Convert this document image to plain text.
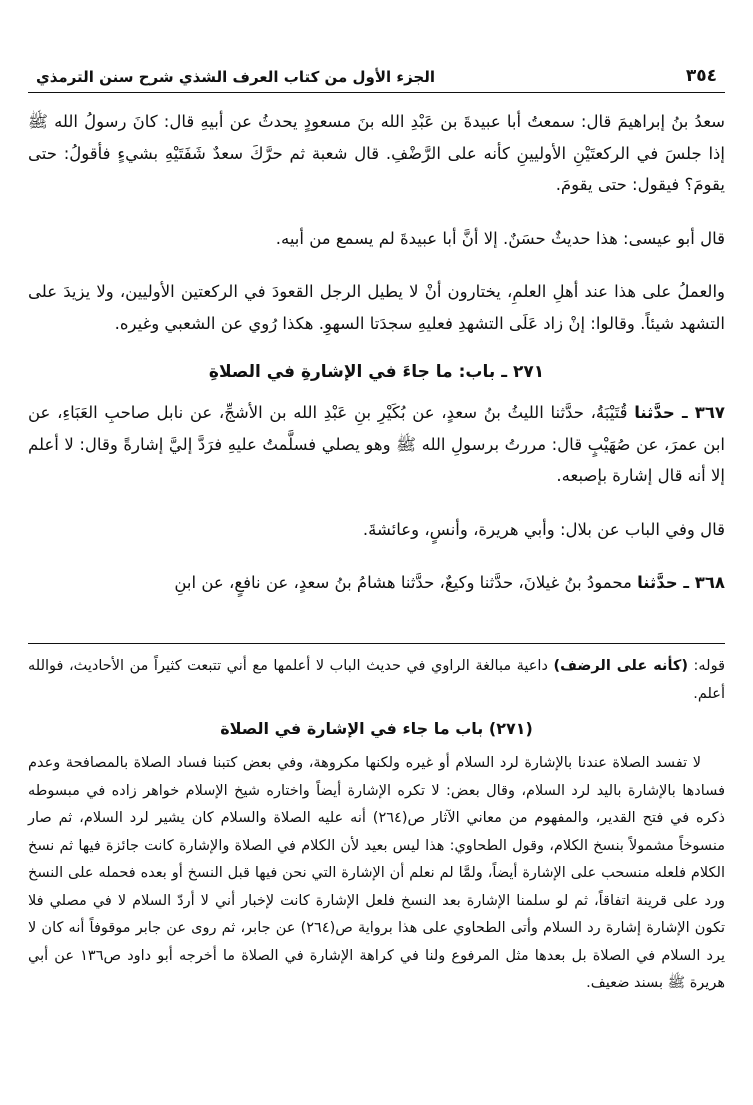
٣٥٤
الجزء الأول من كتاب العرف الشذي شرح سنن الترمذي

سعدُ بنُ إبراهيمَ قال: سمعتُ أبا عبيدةَ بن عَبْدِ الله بنَ مسعودٍ يحدثُ عن أبيهِ قال: كانَ رسولُ الله ﷺ إذا جلسَ في الركعتَيْنِ الأوليينِ كأنه على الرَّضْفِ. قال شعبة ثم حرَّكَ سعدٌ شَفَتَيْهِ بشيءٍ فأقولُ: حتى يقومَ؟ فيقول: حتى يقومَ.

قال أبو عيسى: هذا حديثٌ حسَنٌ. إلا أنَّ أبا عبيدةَ لم يسمع من أبيه.

والعملُ على هذا عند أهلِ العلمِ، يختارون أنْ لا يطيل الرجل القعودَ في الركعتين الأوليين، ولا يزيدَ على التشهد شيئاً. وقالوا: إنْ زاد عَلَى التشهدِ فعليهِ سجدَتا السهوِ. هكذا رُوي عن الشعبي وغيره.

٢٧١ ـ باب: ما جاءَ في الإشارةِ في الصلاةِ

٣٦٧ ـ حدَّثنا قُتَيْبَةُ، حدَّثنا الليثُ بنُ سعدٍ، عن بُكَيْرِ بنِ عَبْدِ الله بن الأشجِّ، عن نابل صاحبِ العَبَاءِ، عن ابن عمرَ، عن صُهَيْبٍ قال: مررتُ برسولِ الله ﷺ وهو يصلي فسلَّمتُ عليهِ فرَدَّ إليَّ إشارةً وقال: لا أعلم إلا أنه قال إشارة بإصبعه.

قال وفي الباب عن بلال: وأبي هريرة، وأنسٍ، وعائشةَ.

٣٦٨ ـ حدَّثنا محمودُ بنُ غيلانَ، حدَّثنا وكيعٌ، حدَّثنا هشامُ بنُ سعدٍ، عن نافعٍ، عن ابنِ

قوله: (كأنه على الرضف) داعية مبالغة الراوي في حديث الباب لا أعلمها مع أني تتبعت كثيراً من الأحاديث، فوالله أعلم.

(٢٧١) باب ما جاء في الإشارة في الصلاة

لا تفسد الصلاة عندنا بالإشارة لرد السلام أو غيره ولكنها مكروهة، وفي بعض كتبنا فساد الصلاة بالمصافحة وعدم فسادها بالإشارة باليد لرد السلام، وقال بعض: لا تكره الإشارة أيضاً واختاره شيخ الإسلام خواهر زاده في مبسوطه ذكره في فتح القدير، والمفهوم من معاني الآثار ص(٢٦٤) أنه عليه الصلاة والسلام كان يشير لرد السلام، ثم صار منسوخاً مشمولاً بنسخ الكلام، وقول الطحاوي: هذا ليس بعيد لأن الكلام في الصلاة والإشارة كانت جائزة فيها ثم نسخ الكلام فلعله منسحب على الإشارة أيضاً، ولمَّا لم نعلم أن الإشارة التي نحن فيها قبل النسخ أو بعده فحمله على النسخ ورد على قرينة اتفاقاً، ثم لو سلمنا الإشارة بعد النسخ فلعل الإشارة كانت لإخبار أني لا أردّ السلام لا في مصلي فلا تكون الإشارة إشارة رد السلام وأتى الطحاوي على هذا برواية ص(٢٦٤) عن جابر، ثم روى عن جابر موقوفاً أنه كان لا يرد السلام في الصلاة بل بعدها مثل المرفوع ولنا في كراهة الإشارة في الصلاة ما أخرجه أبو داود ص١٣٦ عن أبي هريرة ﷺ بسند ضعيف.
